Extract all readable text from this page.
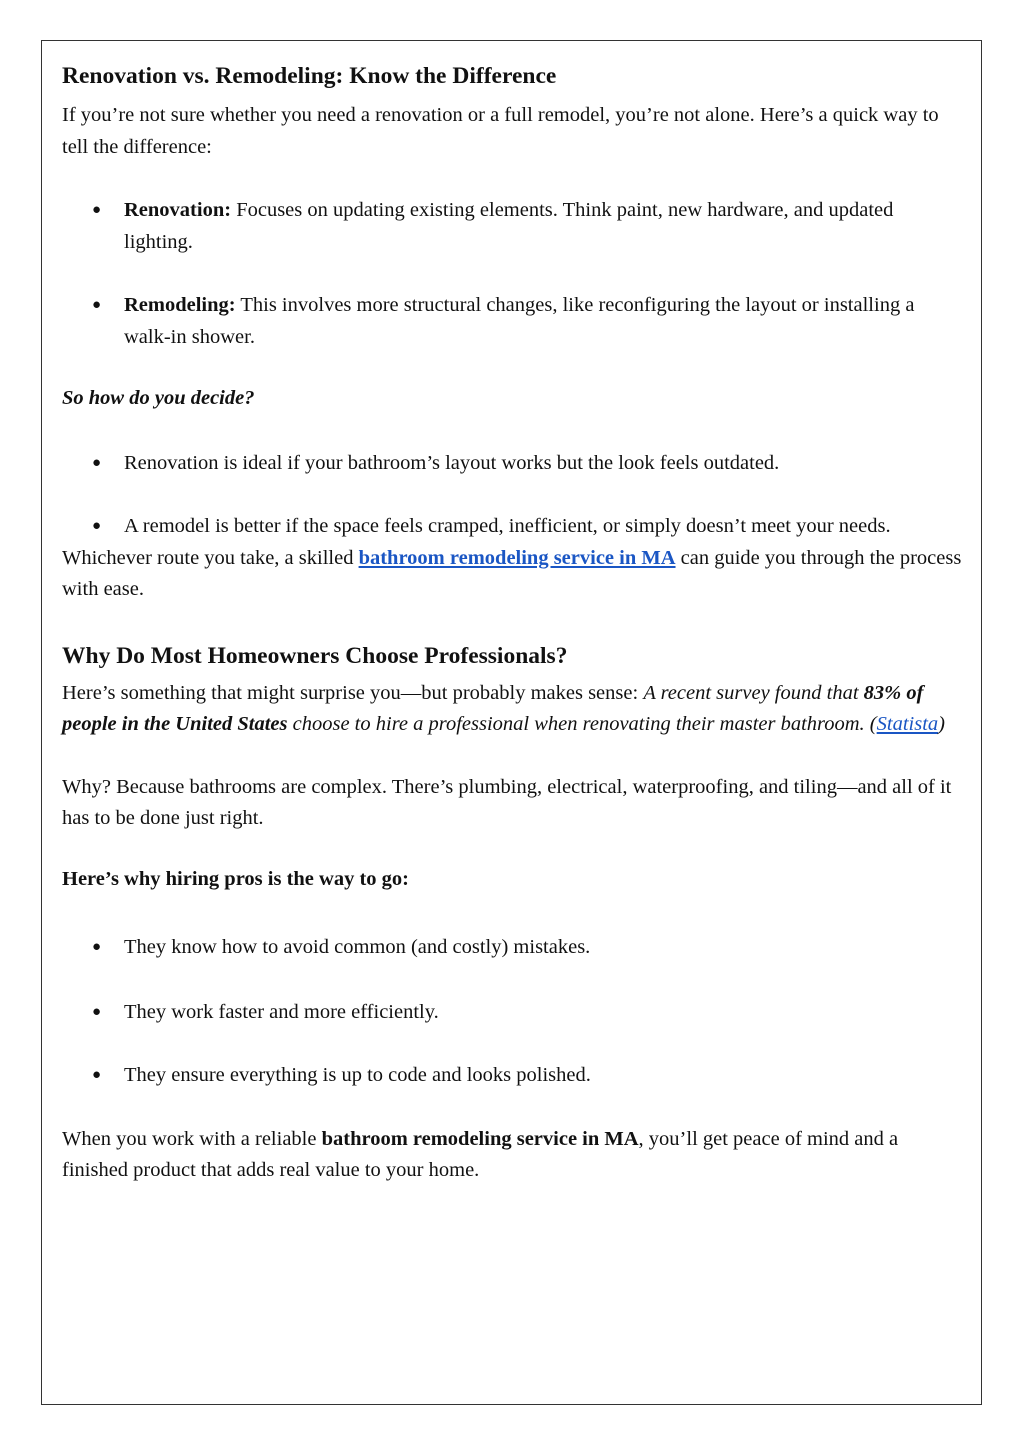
Renovation vs. Remodeling: Know the Difference

If you’re not sure whether you need a renovation or a full remodel, you’re not alone. Here’s a quick way to tell the difference:

● Renovation: Focuses on updating existing elements. Think paint, new hardware, and updated lighting.
● Remodeling: This involves more structural changes, like reconfiguring the layout or installing a walk-in shower.

So how do you decide?

● Renovation is ideal if your bathroom’s layout works but the look feels outdated.
● A remodel is better if the space feels cramped, inefficient, or simply doesn’t meet your needs.

Whichever route you take, a skilled bathroom remodeling service in MA can guide you through the process with ease.

Why Do Most Homeowners Choose Professionals?

Here’s something that might surprise you—but probably makes sense: A recent survey found that 83% of people in the United States choose to hire a professional when renovating their master bathroom. (Statista)

Why? Because bathrooms are complex. There’s plumbing, electrical, waterproofing, and tiling—and all of it has to be done just right.

Here’s why hiring pros is the way to go:

● They know how to avoid common (and costly) mistakes.
● They work faster and more efficiently.
● They ensure everything is up to code and looks polished.

When you work with a reliable bathroom remodeling service in MA, you’ll get peace of mind and a finished product that adds real value to your home.
